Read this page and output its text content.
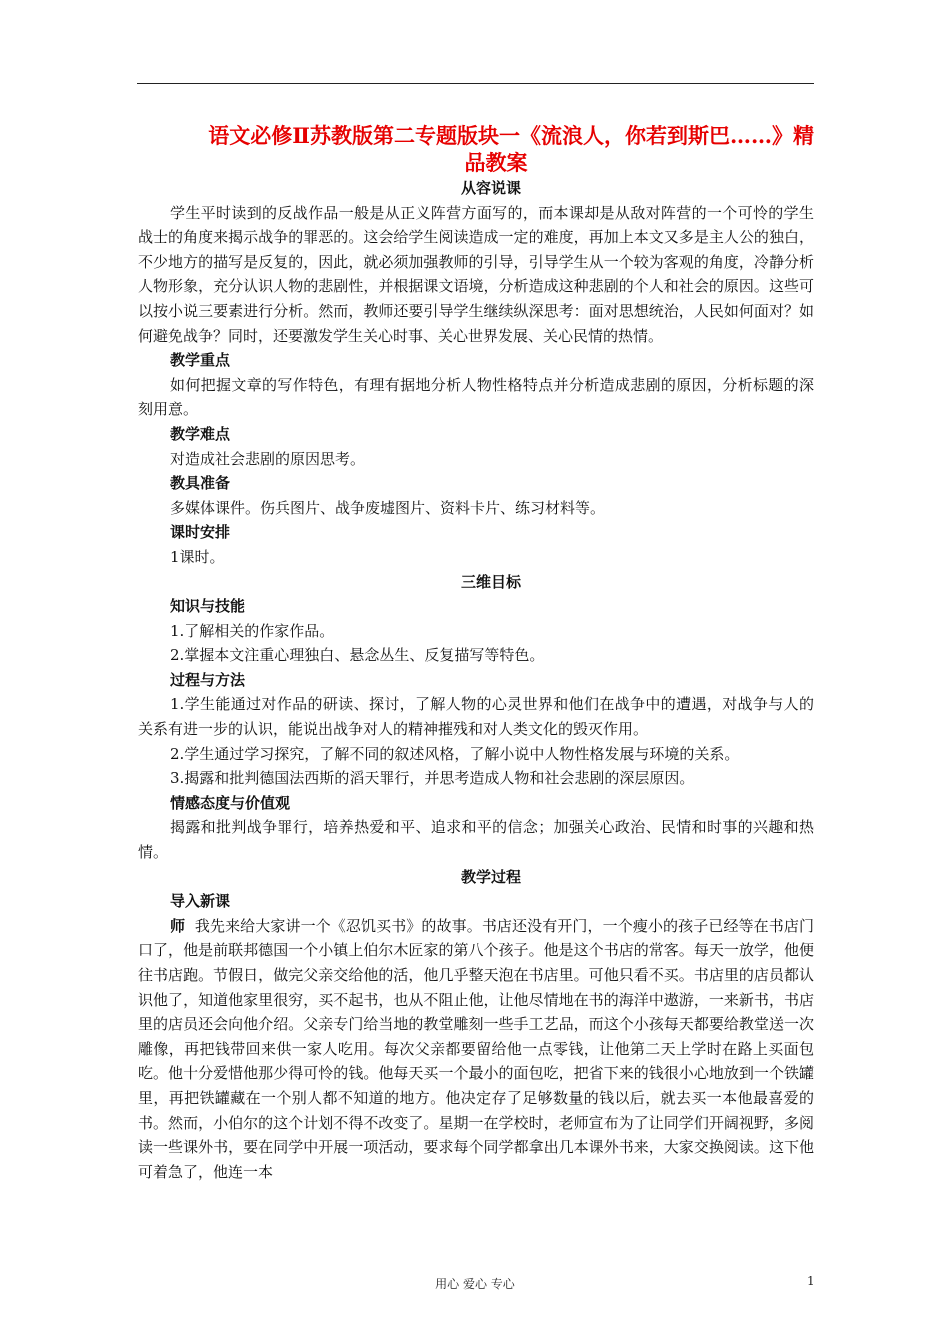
语文必修Ⅱ苏教版第二专题版块一《流浪人，你若到斯巴……》精
品教案
从容说课

学生平时读到的反战作品一般是从正义阵营方面写的，而本课却是从敌对阵营的一个可怜的学生战士的角度来揭示战争的罪恶的。这会给学生阅读造成一定的难度，再加上本文又多是主人公的独白，不少地方的描写是反复的，因此，就必须加强教师的引导，引导学生从一个较为客观的角度，冷静分析人物形象，充分认识人物的悲剧性，并根据课文语境，分析造成这种悲剧的个人和社会的原因。这些可以按小说三要素进行分析。然而，教师还要引导学生继续纵深思考：面对思想统治，人民如何面对？如何避免战争？同时，还要激发学生关心时事、关心世界发展、关心民情的热情。

教学重点

如何把握文章的写作特色，有理有据地分析人物性格特点并分析造成悲剧的原因，分析标题的深刻用意。

教学难点

对造成社会悲剧的原因思考。

教具准备

多媒体课件。伤兵图片、战争废墟图片、资料卡片、练习材料等。

课时安排

1课时。

三维目标
知识与技能

1.了解相关的作家作品。

2.掌握本文注重心理独白、悬念丛生、反复描写等特色。

过程与方法

1.学生能通过对作品的研读、探讨，了解人物的心灵世界和他们在战争中的遭遇，对战争与人的关系有进一步的认识，能说出战争对人的精神摧残和对人类文化的毁灭作用。

2.学生通过学习探究，了解不同的叙述风格，了解小说中人物性格发展与环境的关系。

3.揭露和批判德国法西斯的滔天罪行，并思考造成人物和社会悲剧的深层原因。

情感态度与价值观

揭露和批判战争罪行，培养热爱和平、追求和平的信念；加强关心政治、民情和时事的兴趣和热情。

教学过程
导入新课

师 我先来给大家讲一个《忍饥买书》的故事。书店还没有开门，一个瘦小的孩子已经等在书店门口了，他是前联邦德国一个小镇上伯尔木匠家的第八个孩子。他是这个书店的常客。每天一放学，他便往书店跑。节假日，做完父亲交给他的活，他几乎整天泡在书店里。可他只看不买。书店里的店员都认识他了，知道他家里很穷，买不起书，也从不阻止他，让他尽情地在书的海洋中遨游，一来新书，书店里的店员还会向他介绍。父亲专门给当地的教堂雕刻一些手工艺品，而这个小孩每天都要给教堂送一次雕像，再把钱带回来供一家人吃用。每次父亲都要留给他一点零钱，让他第二天上学时在路上买面包吃。他十分爱惜他那少得可怜的钱。他每天买一个最小的面包吃，把省下来的钱很小心地放到一个铁罐里，再把铁罐藏在一个别人都不知道的地方。他决定存了足够数量的钱以后，就去买一本他最喜爱的书。然而，小伯尔的这个计划不得不改变了。星期一在学校时，老师宣布为了让同学们开阔视野，多阅读一些课外书，要在同学中开展一项活动，要求每个同学都拿出几本课外书来，大家交换阅读。这下他可着急了，他连一本

用心 爱心 专心	1
